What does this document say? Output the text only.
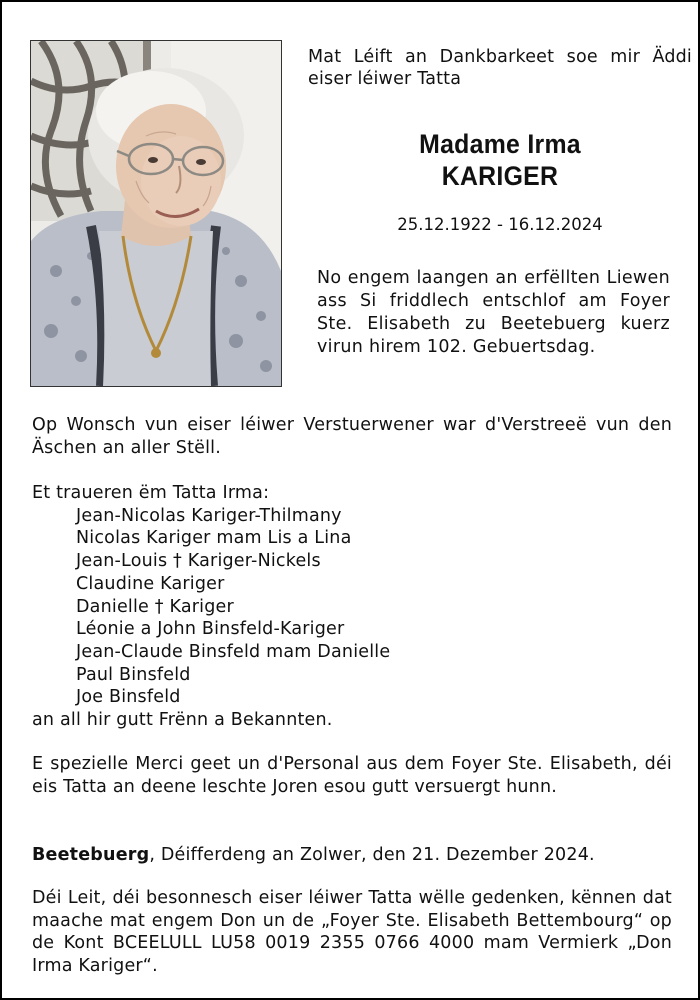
Mat Léift an Dankbarkeet soe mir Äddi eiser léiwer Tatta
Madame Irma
KARIGER
25.12.1922 - 16.12.2024
No engem laangen an erfëllten Liewen ass Si friddlech entschlof am Foyer Ste. Elisabeth zu Beetebuerg kuerz virun hirem 102. Gebuertsdag.
Op Wonsch vun eiser léiwer Verstuerwener war d'Verstreeë vun den Äschen an aller Stëll.
Et traueren ëm Tatta Irma:
Jean-Nicolas Kariger-Thilmany
Nicolas Kariger mam Lis a Lina
Jean-Louis † Kariger-Nickels
Claudine Kariger
Danielle † Kariger
Léonie a John Binsfeld-Kariger
Jean-Claude Binsfeld mam Danielle
Paul Binsfeld
Joe Binsfeld
an all hir gutt Frënn a Bekannten.
E spezielle Merci geet un d'Personal aus dem Foyer Ste. Elisabeth, déi eis Tatta an deene leschte Joren esou gutt versuergt hunn.
Beetebuerg, Déifferdeng an Zolwer, den 21. Dezember 2024.
Déi Leit, déi besonnesch eiser léiwer Tatta wëlle gedenken, kënnen dat maache mat engem Don un de „Foyer Ste. Elisabeth Bettembourg“ op de Kont BCEELULL LU58 0019 2355 0766 4000 mam Vermierk „Don Irma Kariger“.
